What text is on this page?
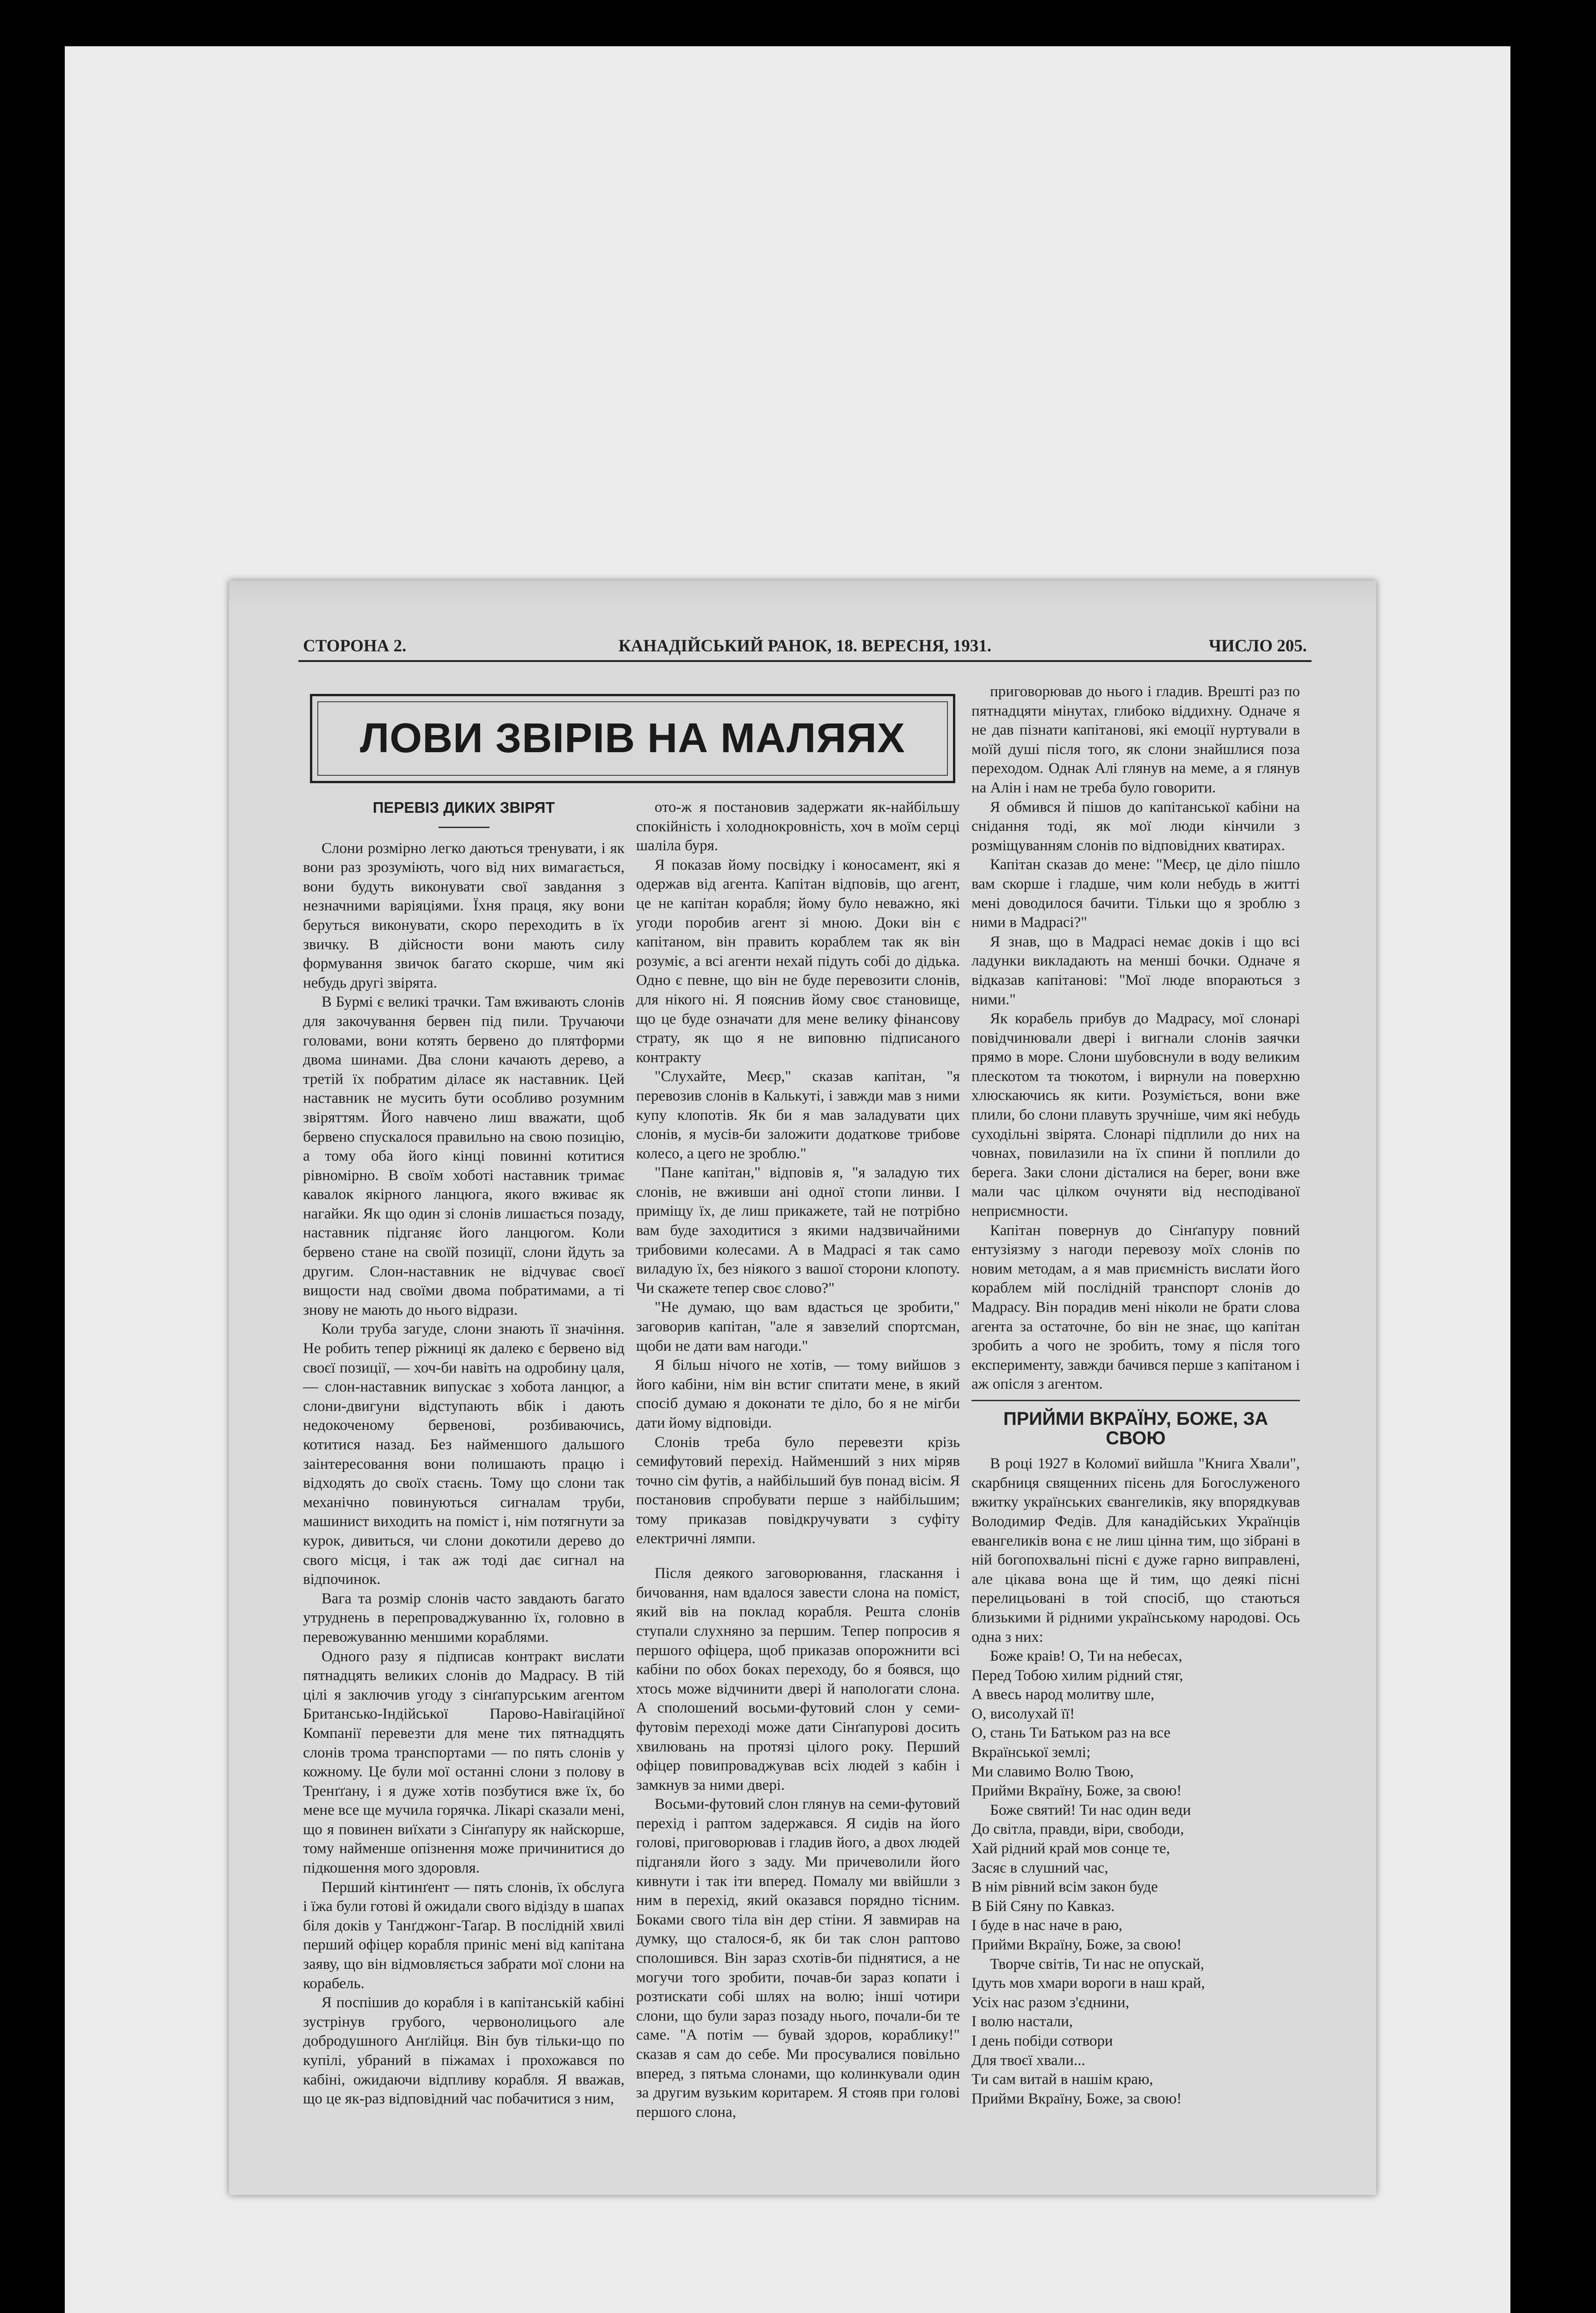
СТОРОНА 2.	КАНАДІЙСЬКИЙ РАНОК, 18. ВЕРЕСНЯ, 1931.	ЧИСЛО 205.
ЛОВИ ЗВІРІВ НА МАЛЯЯХ
ПЕРЕВІЗ ДИКИХ ЗВІРЯТ

Слони розмірно легко даються тренувати, і як вони раз зрозуміють, чого від них вимагається, вони будуть виконувати свої завдання з незначними варіяціями. Їхня праця, яку вони беруться виконувати, скоро переходить в їх звичку. В дійсности вони мають силу формування звичок багато скорше, чим які небудь другі звірята.

В Бурмі є великі трачки. Там вживають слонів для закочування бервен під пили. Тручаючи головами, вони котять бервено до плятформи двома шинами. Два слони качають дерево, а третій їх побратим діласе як наставник. Цей наставник не мусить бути особливо розумним звіряттям. Його навчено лиш вважати, щоб бервено спускалося правильно на свою позицію, а тому оба його кінці повинні котитися рівномірно. В своїм хоботі наставник тримає кавалок якірного ланцюга, якого вживає як нагайки. Як що один зі слонів лишається позаду, наставник підганяє його ланцюгом. Коли бервено стане на своїй позиції, слони йдуть за другим. Слон-наставник не відчуває своєї вищости над своїми двома побратимами, а ті знову не мають до нього відрази.

Коли труба загуде, слони знають її значіння. Не робить тепер ріжниці як далеко є бервено від своєї позиції, — хоч-би навіть на одробину цаля, — слон-наставник випускає з хобота ланцюг, а слони-двигуни відступають вбік і дають недокоченому бервенові, розбиваючись, котитися назад. Без найменшого дальшого заінтересовання вони полишають працю і відходять до своїх стаєнь. Тому що слони так механічно повинуються сигналам труби, машинист виходить на поміст і, нім потягнути за курок, дивиться, чи слони докотили дерево до свого місця, і так аж тоді дає сигнал на відпочинок.

Вага та розмір слонів часто завдають багато утруднень в перепроваджуванню їх, головно в перевожуванню меншими кораблями.

Одного разу я підписав контракт виcлати пятнадцять великих слонів до Мадрасу. В тій цілі я заключив угоду з сінґапурським агентом Британсько-Індійської Парово-Навіґаційної Компанії перевезти для мене тих пятнадцять слонів трома транспортами — по пять слонів у кожному. Це були мої останні слони з полову в Тренґґану, і я дуже хотів позбутися вже їх, бо мене все ще мучила горячка. Лікарі сказали мені, що я повинен виїхати з Сінґапуру як найскорше, тому найменше опізнення може причинитися до підкошення мого здоровля.

Перший кінтинґент — пять слонів, їх обслуга і їжа були готові й ожидали свого відізду в шапах біля доків у Танґджонг-Таґар. В послідній хвилі перший офіцер корабля приніс мені від капітана заяву, що він відмовляється забрати мої слони на корабель.

Я поспішив до корабля і в капітанській кабіні зустрінув грубого, червонолицього але добродушного Анґлійця. Він був тільки-що по купілі, убраний в піжамах і прохожався по кабіні, ожидаючи відпливу корабля. Я вважав, що це як-раз відповідний час побачитися з ним,

ото-ж я постановив задержати як-найбільшу спокійність і холоднокровність, хоч в моїм серці шаліла буря.

Я показав йому посвідку і коносамент, які я одержав від агента. Капітан відповів, що агент, це не капітан корабля; йому було неважно, які угоди поробив агент зі мною. Доки він є капітаном, він править кораблем так як він розуміє, а всі агенти нехай підуть собі до дідька. Одно є певне, що він не буде перевозити слонів, для нікого ні. Я пояснив йому своє становище, що це буде означати для мене велику фінансову страту, як що я не виповню підписаного контракту

"Слухайте, Меєр," сказав капітан, "я перевозив слонів в Калькуті, і завжди мав з ними купу клопотів. Як би я мав заладувати цих слонів, я мусів-би заложити додаткове трибове колесо, а цего не зроблю."

"Пане капітан," відповів я, "я заладую тих слонів, не вживши ані одної стопи линви. І приміщу їх, де лиш прикажете, тай не потрібно вам буде заходитися з якими надзвичайними трибовими колесами. А в Мадрасі я так само виладую їх, без ніякого з вашої сторони клопоту. Чи скажете тепер своє слово?"

"Не думаю, що вам вдасться це зробити," заговорив капітан, "але я завзелий спортсман, щоби не дати вам нагоди."

Я більш нічого не хотів, — тому вийшов з його кабіни, нім він встиг спитати мене, в який спосіб думаю я доконати те діло, бо я не мігби дати йому відповіди.

Слонів треба було перевезти крізь семифутовий перехід. Найменший з них міряв точно сім футів, а найбільший був понад вісім. Я постановив спробувати перше з найбільшим; тому приказав повідкручувати з суфіту електричні лямпи.

Після деякого заговорювання, гласкання і бичовання, нам вдалося завести слона на поміст, який вів на поклад корабля. Решта слонів ступали слухняно за першим. Тепер попросив я першого офіцера, щоб приказав опорожнити всі кабіни по обох боках переходу, бо я боявся, що хтось може відчинити двері й напологати слона. А сполошений восьми-футовий слон у семи-футовім переході може дати Сінґапурові досить хвилювань на протязі цілого року. Перший офіцер повипроваджував всіх людей з кабін і замкнув за ними двері.

Восьми-футовий слон глянув на семи-футовий перехід і раптом задержався. Я сидів на його голові, приговорював і гладив його, а двох людей підганяли його з заду. Ми причеволили його кивнути і так іти вперед. Помалу ми ввійшли з ним в перехід, який оказався порядно тісним. Боками свого тіла він дер стіни. Я завмирав на думку, що сталося-б, як би так слон раптово сполошився. Він зараз схотів-би піднятися, а не могучи того зробити, почав-би зараз копати і розтискати собі шлях на волю; інші чотири слони, що були зараз позаду нього, почали-би те саме. "А потім — бувай здоров, кораблику!" сказав я сам до себе. Ми просувалися повільно вперед, з пятьма слонами, що колинкували один за другим вузьким коритарем. Я стояв при голові першого слона,

приговорював до нього і гладив. Врешті раз по пятнадцяти мінутах, глибоко віддихну. Одначе я не дав пізнати капітанові, які емоції нуртували в моїй душі після того, як слони знайшлися поза переходом. Однак Алі глянув на меме, а я глянув на Алін і нам не треба було говорити.

Я обмився й пішов до капітанської кабіни на снідання тоді, як мої люди кінчили з розміщуванням слонів по відповідних кватирах.

Капітан сказав до мене: "Меєр, це діло пішло вам скорше і гладше, чим коли небудь в житті мені доводилося бачити. Тільки що я зроблю з ними в Мадрасі?"

Я знав, що в Мадрасі немає доків і що всі ладунки викладають на менші бочки. Одначе я відказав капітанові: "Мої люде впораються з ними."

Як корабель прибув до Мадрасу, мої слонарі повідчинювали двері і вигнали слонів заячки прямо в море. Слони шубовснули в воду великим плескотом та тюкотом, і вирнули на поверхню хлюскаючись як кити. Розуміється, вони вже плили, бо слони плавуть зручніше, чим які небудь суходільні звірята. Слонарі підплили до них на човнах, повилазили на їх спини й поплили до берега. Заки слони дісталися на берег, вони вже мали час цілком очуняти від несподіваної неприємности.

Капітан повернув до Сінґапуру повний ентузіязму з нагоди перевозу моїх слонів по новим методам, а я мав приємність вислати його кораблем мій послідній транспорт слонів до Мадрасу. Він порадив мені ніколи не брати слова агента за остаточне, бо він не знає, що капітан зробить а чого не зробить, тому я після того експерименту, завжди бачився перше з капітаном і аж опісля з агентом.

ПРИЙМИ ВКРАЇНУ, БОЖЕ, ЗА СВОЮ

В році 1927 в Коломиї вийшла "Книга Хвали", скарбниця священних пісень для Богослуженого вжитку українських євангеликів, яку впорядкував Володимир Федів. Для канадійських Українців евангеликів вона є не лиш цінна тим, що зібрані в ній богопохвальні пісні є дуже гарно виправлені, але цікава вона ще й тим, що деякі пісні перелицьовані в той спосіб, що стаються близькими й рідними українському народові. Ось одна з них:

Боже краів! О, Ти на небесах,
Перед Тобою хилим рідний стяг,
А ввесь народ молитву шле,
О, висолухай її!
О, стань Ти Батьком раз на все
Вкраїнської землі;
Ми славимо Волю Твою,
Прийми Вкраїну, Боже, за свою!

Боже святий! Ти нас один веди
До світла, правди, віри, свободи,
Хай рідний край мов сонце те,
Засяє в слушний час,
В нім рівний всім закон буде
В Бій Сяну по Кавказ.
І буде в нас наче в раю,
Прийми Вкраїну, Боже, за свою!

Творче світів, Ти нас не опускай,
Ідуть мов хмари вороги в наш край,
Усіх нас разом з'єднини,
І волю настали,
І день побіди сотвори
Для твоєї хвали...
Ти сам витай в нашім краю,
Прийми Вкраїну, Боже, за свою!
